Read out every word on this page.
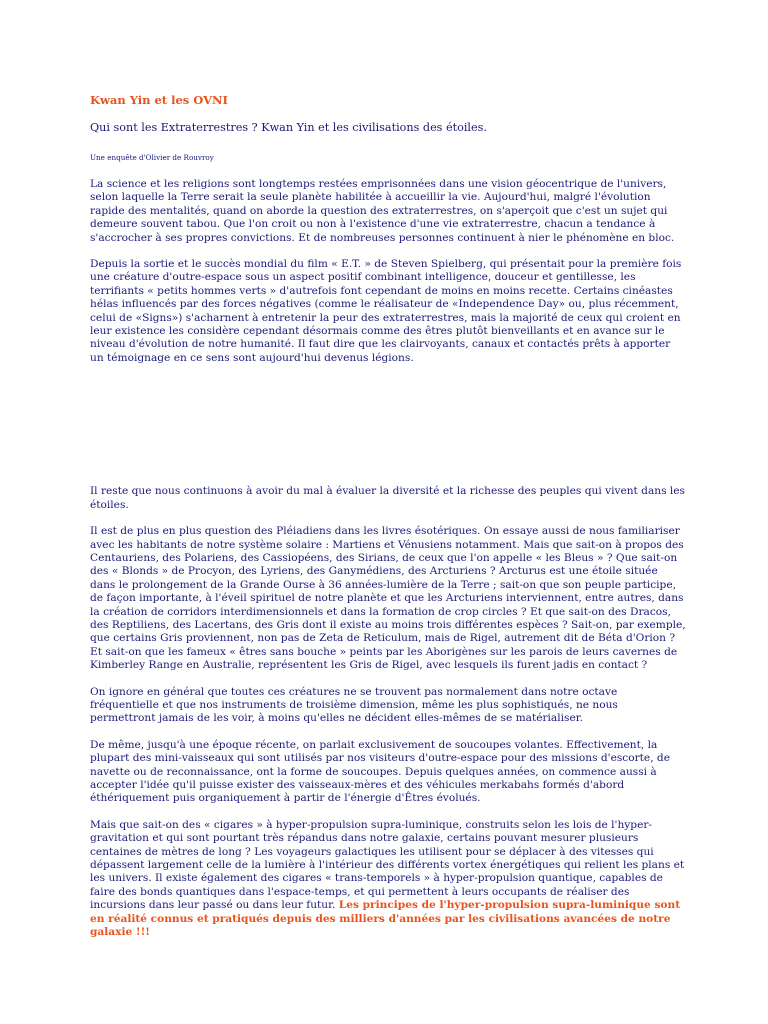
Kwan Yin et les OVNI
Qui sont les Extraterrestres ? Kwan Yin et les civilisations des étoiles.
Une enquête d'Olivier de Rouvroy

La science et les religions sont longtemps restées emprisonnées dans une vision géocentrique de l'univers, selon laquelle la Terre serait la seule planète habilitée à accueillir la vie. Aujourd'hui, malgré l'évolution rapide des mentalités, quand on aborde la question des extraterrestres, on s'aperçoit que c'est un sujet qui demeure souvent tabou. Que l'on croit ou non à l'existence d'une vie extraterrestre, chacun a tendance à s'accrocher à ses propres convictions. Et de nombreuses personnes continuent à nier le phénomène en bloc.

Depuis la sortie et le succès mondial du film « E.T. » de Steven Spielberg, qui présentait pour la première fois une créature d'outre-espace sous un aspect positif combinant intelligence, douceur et gentillesse, les terrifiants « petits hommes verts » d'autrefois font cependant de moins en moins recette. Certains cinéastes hélas influencés par des forces négatives (comme le réalisateur de «Independence Day» ou, plus récemment, celui de «Signs») s'acharnent à entretenir la peur des extraterrestres, mais la majorité de ceux qui croient en leur existence les considère cependant désormais comme des êtres plutôt bienveillants et en avance sur le niveau d'évolution de notre humanité. Il faut dire que les clairvoyants, canaux et contactés prêts à apporter un témoignage en ce sens sont aujourd'hui devenus légions.

Il reste que nous continuons à avoir du mal à évaluer la diversité et la richesse des peuples qui vivent dans les étoiles.

Il est de plus en plus question des Pléiadiens dans les livres ésotériques. On essaye aussi de nous familiariser avec les habitants de notre système solaire : Martiens et Vénusiens notamment. Mais que sait-on à propos des Centauriens, des Polariens, des Cassiopéens, des Sirians, de ceux que l'on appelle « les Bleus » ? Que sait-on des « Blonds » de Procyon, des Lyriens, des Ganymédiens, des Arcturiens ? Arcturus est une étoile située dans le prolongement de la Grande Ourse à 36 années-lumière de la Terre ; sait-on que son peuple participe, de façon importante, à l'éveil spirituel de notre planète et que les Arcturiens interviennent, entre autres, dans la création de corridors interdimensionnels et dans la formation de crop circles ? Et que sait-on des Dracos, des Reptiliens, des Lacertans, des Gris dont il existe au moins trois différentes espèces ? Sait-on, par exemple, que certains Gris proviennent, non pas de Zeta de Reticulum, mais de Rigel, autrement dit de Béta d'Orion ? Et sait-on que les fameux « êtres sans bouche » peints par les Aborigènes sur les parois de leurs cavernes de Kimberley Range en Australie, représentent les Gris de Rigel, avec lesquels ils furent jadis en contact ?

On ignore en général que toutes ces créatures ne se trouvent pas normalement dans notre octave fréquentielle et que nos instruments de troisième dimension, même les plus sophistiqués, ne nous permettront jamais de les voir, à moins qu'elles ne décident elles-mêmes de se matérialiser.

De même, jusqu'à une époque récente, on parlait exclusivement de soucoupes volantes. Effectivement, la plupart des mini-vaisseaux qui sont utilisés par nos visiteurs d'outre-espace pour des missions d'escorte, de navette ou de reconnaissance, ont la forme de soucoupes. Depuis quelques années, on commence aussi à accepter l'idée qu'il puisse exister des vaisseaux-mères et des véhicules merkabahs formés d'abord éthériquement puis organiquement à partir de l'énergie d'Êtres évolués.

Mais que sait-on des « cigares » à hyper-propulsion supra-luminique, construits selon les lois de l'hyper-gravitation et qui sont pourtant très répandus dans notre galaxie, certains pouvant mesurer plusieurs centaines de mètres de long ? Les voyageurs galactiques les utilisent pour se déplacer à des vitesses qui dépassent largement celle de la lumière à l'intérieur des différents vortex énergétiques qui relient les plans et les univers. Il existe également des cigares « trans-temporels » à hyper-propulsion quantique, capables de faire des bonds quantiques dans l'espace-temps, et qui permettent à leurs occupants de réaliser des incursions dans leur passé ou dans leur futur. Les principes de l'hyper-propulsion supra-luminique sont en réalité connus et pratiqués depuis des milliers d'années par les civilisations avancées de notre galaxie !!!
